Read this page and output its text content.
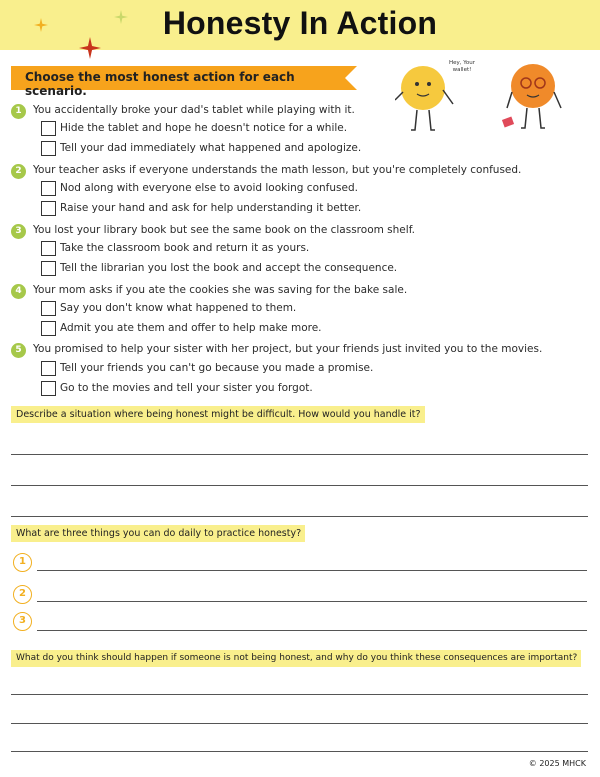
Honesty In Action
Choose the most honest action for each scenario.
Hey, Your wallet!
1	You accidentally broke your dad's tablet while playing with it.
Hide the tablet and hope he doesn't notice for a while.
Tell your dad immediately what happened and apologize.
2	Your teacher asks if everyone understands the math lesson, but you're completely confused.
Nod along with everyone else to avoid looking confused.
Raise your hand and ask for help understanding it better.
3	You lost your library book but see the same book on the classroom shelf.
Take the classroom book and return it as yours.
Tell the librarian you lost the book and accept the consequence.
4	Your mom asks if you ate the cookies she was saving for the bake sale.
Say you don't know what happened to them.
Admit you ate them and offer to help make more.
5	You promised to help your sister with her project, but your friends just invited you to the movies.
Tell your friends you can't go because you made a promise.
Go to the movies and tell your sister you forgot.
Describe a situation where being honest might be difficult. How would you handle it?
What are three things you can do daily to practice honesty?
1
2
3
What do you think should happen if someone is not being honest, and why do you think these consequences are important?
© 2025 MHCK
